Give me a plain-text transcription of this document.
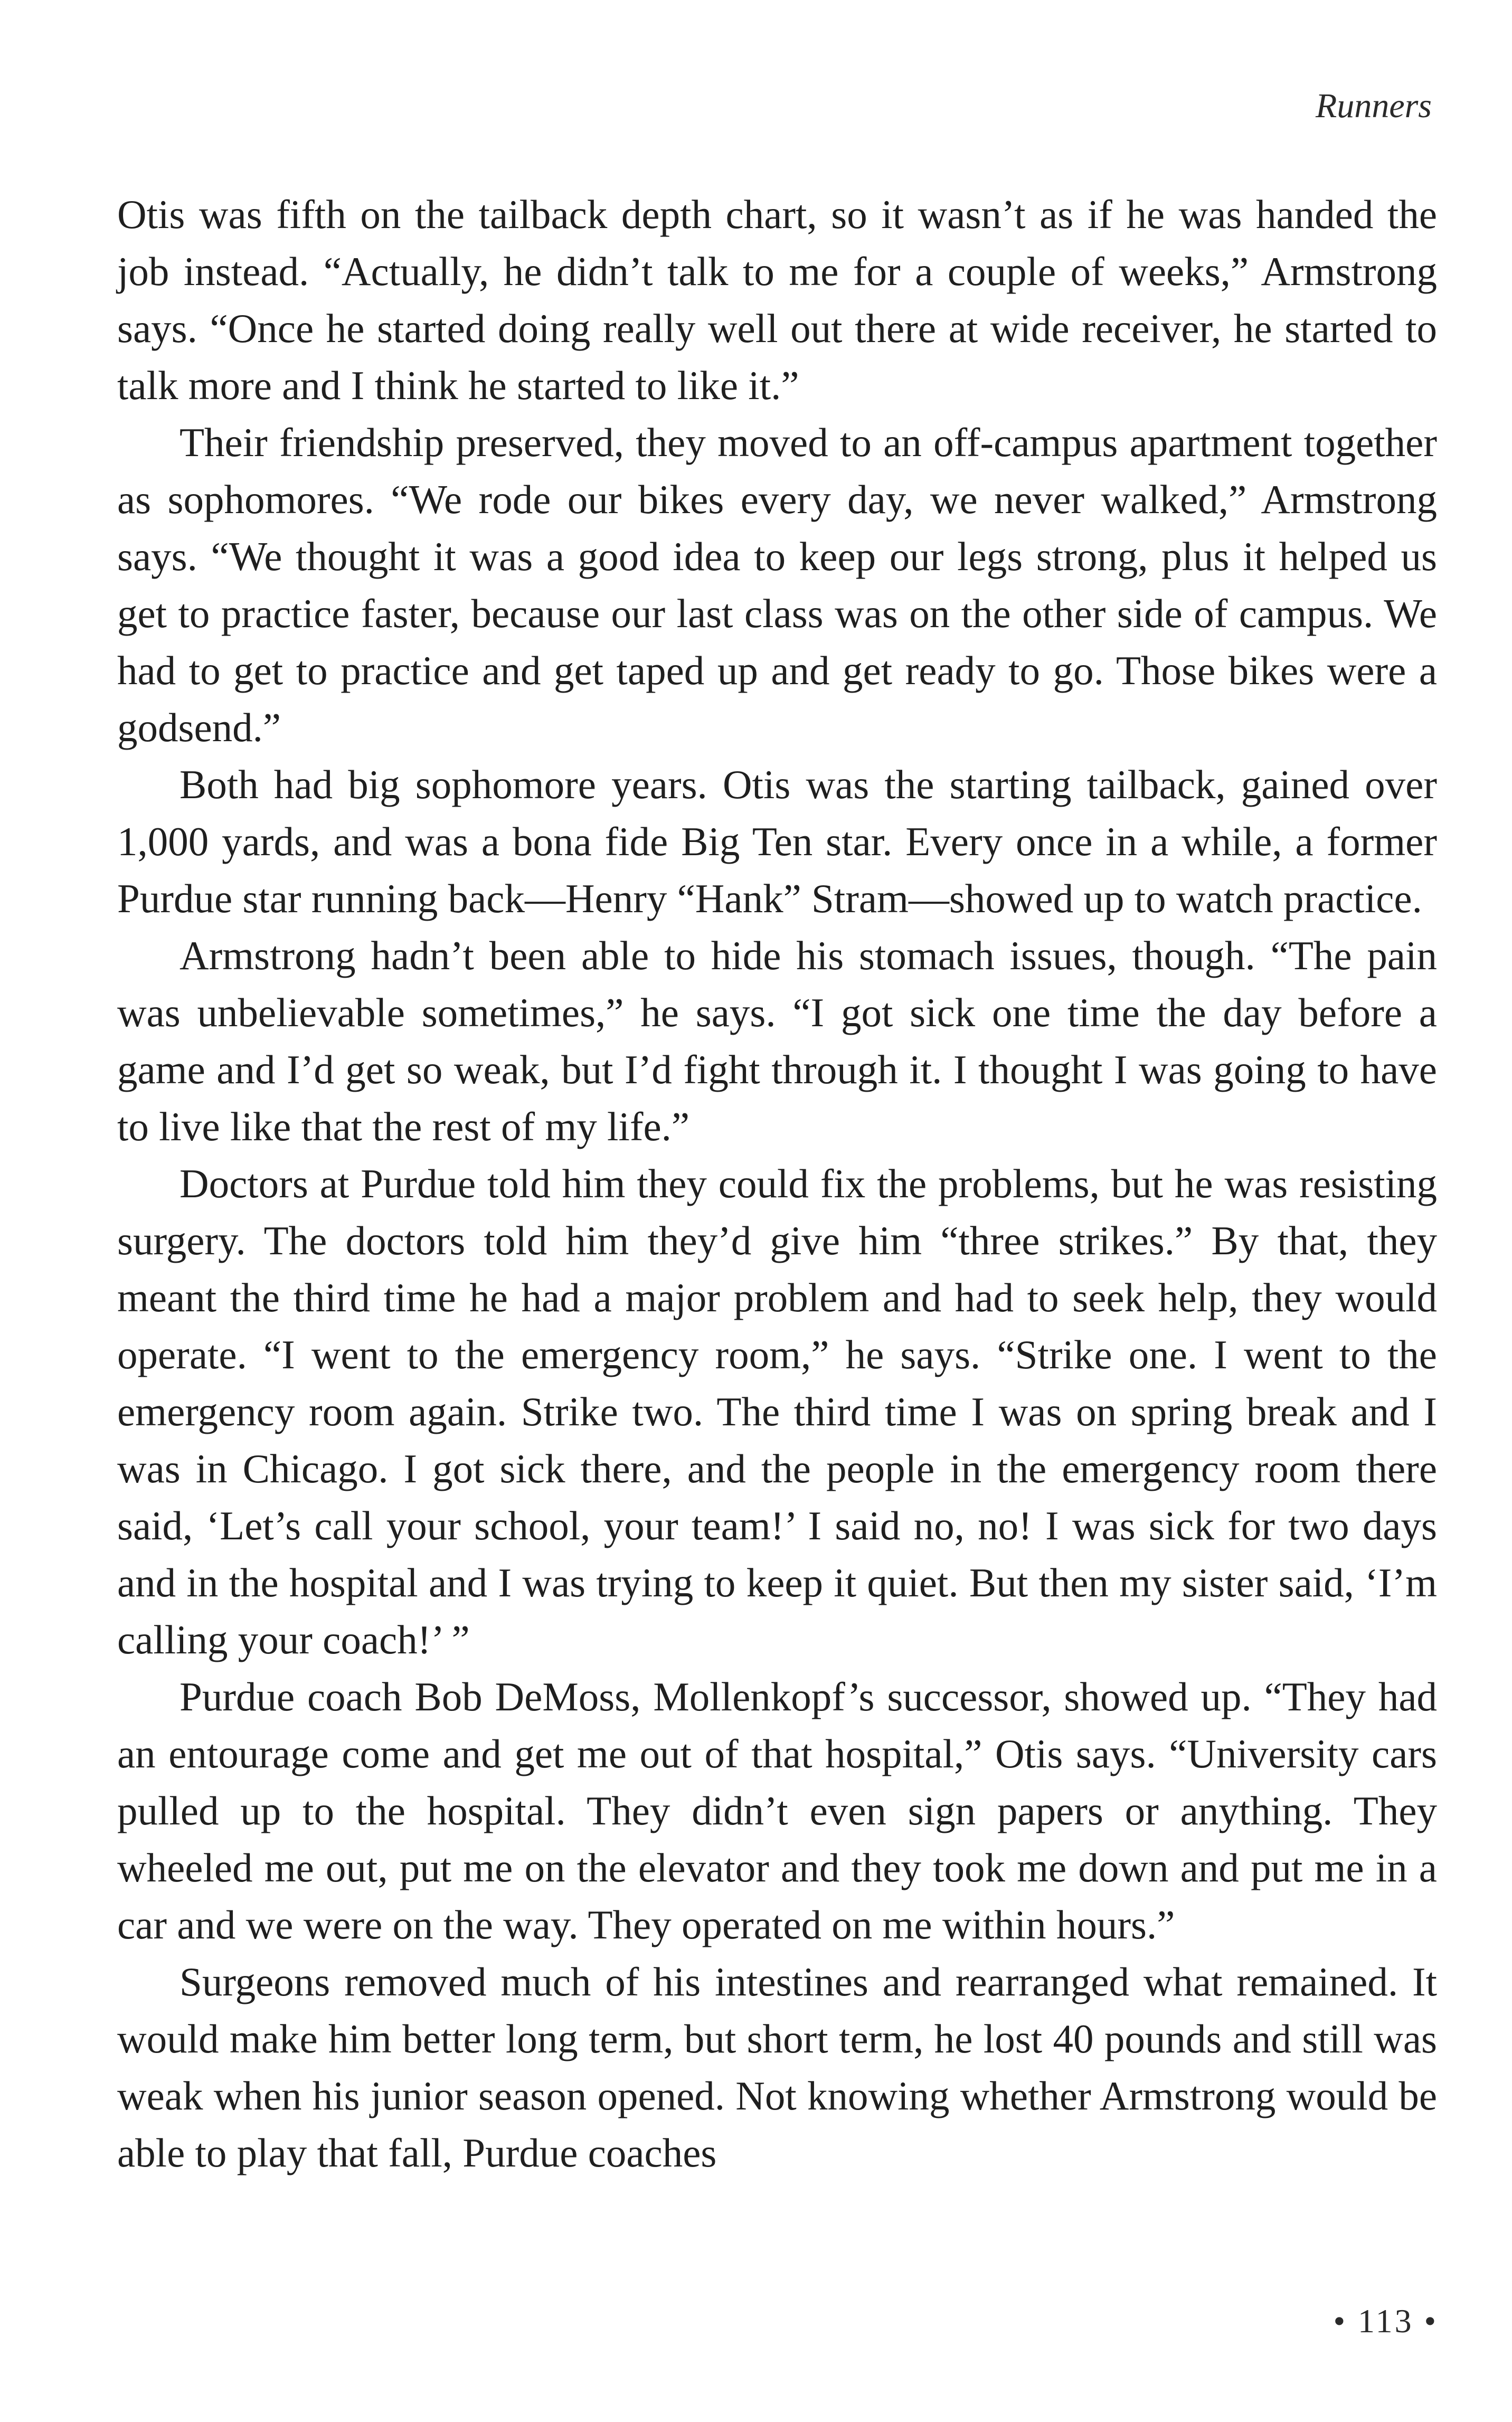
Runners

Otis was fifth on the tailback depth chart, so it wasn’t as if he was handed the job instead. “Actually, he didn’t talk to me for a couple of weeks,” Armstrong says. “Once he started doing really well out there at wide receiver, he started to talk more and I think he started to like it.”

Their friendship preserved, they moved to an off-campus apartment together as sophomores. “We rode our bikes every day, we never walked,” Armstrong says. “We thought it was a good idea to keep our legs strong, plus it helped us get to practice faster, because our last class was on the other side of campus. We had to get to practice and get taped up and get ready to go. Those bikes were a godsend.”

Both had big sophomore years. Otis was the starting tailback, gained over 1,000 yards, and was a bona fide Big Ten star. Every once in a while, a former Purdue star running back—Henry “Hank” Stram—showed up to watch practice.

Armstrong hadn’t been able to hide his stomach issues, though. “The pain was unbelievable sometimes,” he says. “I got sick one time the day before a game and I’d get so weak, but I’d fight through it. I thought I was going to have to live like that the rest of my life.”

Doctors at Purdue told him they could fix the problems, but he was resisting surgery. The doctors told him they’d give him “three strikes.” By that, they meant the third time he had a major problem and had to seek help, they would operate. “I went to the emergency room,” he says. “Strike one. I went to the emergency room again. Strike two. The third time I was on spring break and I was in Chicago. I got sick there, and the people in the emergency room there said, ‘Let’s call your school, your team!’ I said no, no! I was sick for two days and in the hospital and I was trying to keep it quiet. But then my sister said, ‘I’m calling your coach!’ ”

Purdue coach Bob DeMoss, Mollenkopf’s successor, showed up. “They had an entourage come and get me out of that hospital,” Otis says. “University cars pulled up to the hospital. They didn’t even sign papers or anything. They wheeled me out, put me on the elevator and they took me down and put me in a car and we were on the way. They operated on me within hours.”

Surgeons removed much of his intestines and rearranged what remained. It would make him better long term, but short term, he lost 40 pounds and still was weak when his junior season opened. Not knowing whether Armstrong would be able to play that fall, Purdue coaches

• 113 •
